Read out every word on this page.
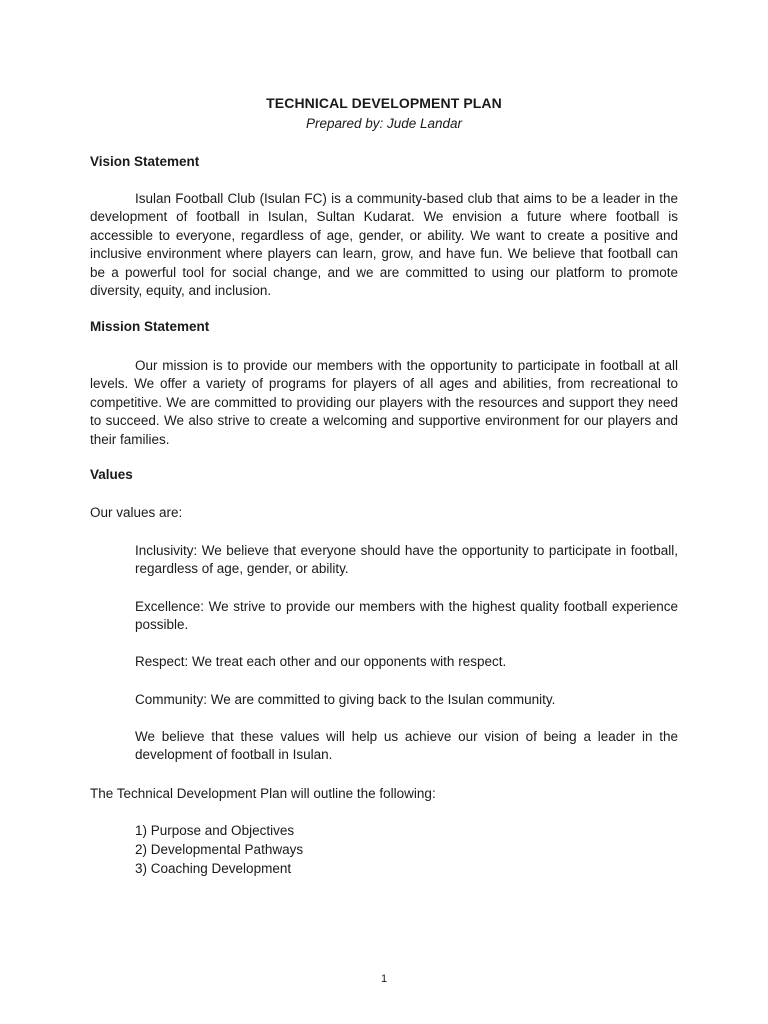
TECHNICAL DEVELOPMENT PLAN
Prepared by: Jude Landar
Vision Statement

Isulan Football Club (Isulan FC) is a community-based club that aims to be a leader in the development of football in Isulan, Sultan Kudarat. We envision a future where football is accessible to everyone, regardless of age, gender, or ability. We want to create a positive and inclusive environment where players can learn, grow, and have fun. We believe that football can be a powerful tool for social change, and we are committed to using our platform to promote diversity, equity, and inclusion.

Mission Statement

Our mission is to provide our members with the opportunity to participate in football at all levels. We offer a variety of programs for players of all ages and abilities, from recreational to competitive. We are committed to providing our players with the resources and support they need to succeed. We also strive to create a welcoming and supportive environment for our players and their families.

Values
Our values are:

Inclusivity: We believe that everyone should have the opportunity to participate in football, regardless of age, gender, or ability.

Excellence: We strive to provide our members with the highest quality football experience possible.

Respect: We treat each other and our opponents with respect.

Community: We are committed to giving back to the Isulan community.

We believe that these values will help us achieve our vision of being a leader in the development of football in Isulan.

The Technical Development Plan will outline the following:
1) Purpose and Objectives
2) Developmental Pathways
3) Coaching Development
1
